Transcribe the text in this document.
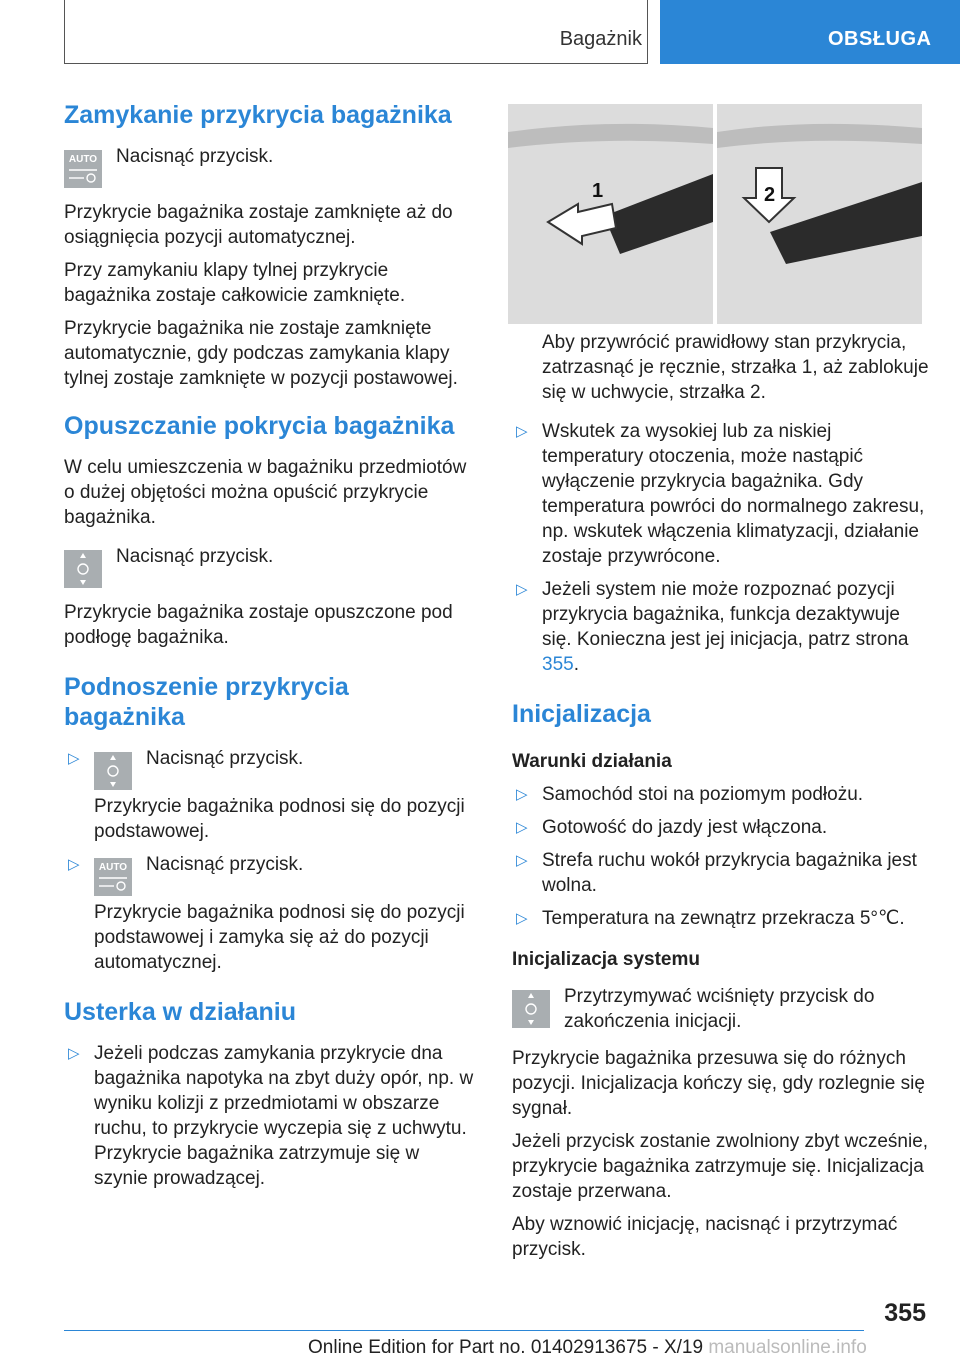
Bagażnik	OBSŁUGA
Zamykanie przykrycia bagażnika
AUTO Nacisnąć przycisk.

Przykrycie bagażnika zostaje zamknięte aż do osiągnięcia pozycji automatycznej.

Przy zamykaniu klapy tylnej przykrycie bagażnika zostaje całkowicie zamknięte.

Przykrycie bagażnika nie zostaje zamknięte automatycznie, gdy podczas zamykania klapy tylnej zostaje zamknięte w pozycji postawowej.

Opuszczanie pokrycia bagażnika

W celu umieszczenia w bagażniku przedmiotów o dużej objętości można opuścić przykrycie bagażnika.

Nacisnąć przycisk.

Przykrycie bagażnika zostaje opuszczone pod podłogę bagażnika.

Podnoszenie przykrycia bagażnika
▷	Nacisnąć przycisk.
Przykrycie bagażnika podnosi się do pozycji podstawowej.
▷ AUTO Nacisnąć przycisk.
Przykrycie bagażnika podnosi się do pozycji podstawowej i zamyka się aż do pozycji automatycznej.
Usterka w działaniu
▷ Jeżeli podczas zamykania przykrycie dna bagażnika napotyka na zbyt duży opór, np. w wyniku kolizji z przedmiotami w obszarze ruchu, to przykrycie wyczepia się z uchwytu. Przykrycie bagażnika zatrzymuje się w szynie prowadzącej.
1	2

Aby przywrócić prawidłowy stan przykrycia, zatrzasnąć je ręcznie, strzałka 1, aż zablokuje się w uchwycie, strzałka 2.

▷ Wskutek za wysokiej lub za niskiej temperatury otoczenia, może nastąpić wyłączenie przykrycia bagażnika. Gdy temperatura powróci do normalnego zakresu, np. wskutek włączenia klimatyzacji, działanie zostaje przywrócone.
▷ Jeżeli system nie może rozpoznać pozycji przykrycia bagażnika, funkcja dezaktywuje się. Konieczna jest jej inicjacja, patrz strona 355.
Inicjalizacja
Warunki działania
▷ Samochód stoi na poziomym podłożu.
▷ Gotowość do jazdy jest włączona.
▷ Strefa ruchu wokół przykrycia bagażnika jest wolna.
▷ Temperatura na zewnątrz przekracza 5°℃.
Inicjalizacja systemu
Przytrzymywać wciśnięty przycisk do zakończenia inicjacji.

Przykrycie bagażnika przesuwa się do różnych pozycji. Inicjalizacja kończy się, gdy rozlegnie się sygnał.

Jeżeli przycisk zostanie zwolniony zbyt wcześnie, przykrycie bagażnika zatrzymuje się. Inicjalizacja zostaje przerwana.

Aby wznowić inicjację, nacisnąć i przytrzymać przycisk.

355
Online Edition for Part no. 01402913675 - X/19 manualsonline.info
